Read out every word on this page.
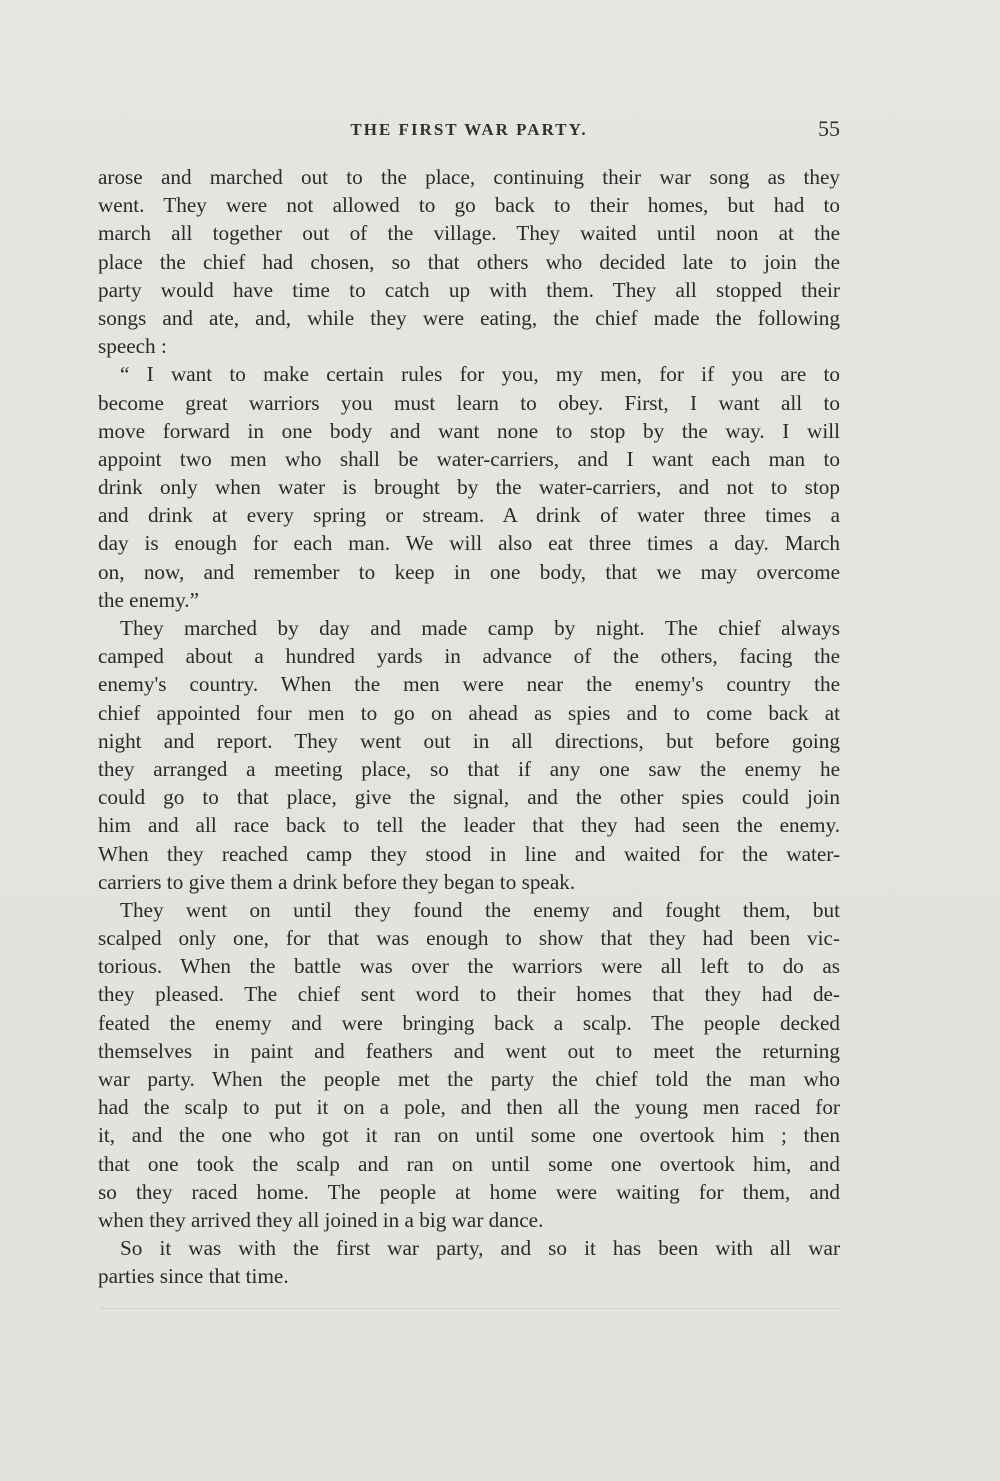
THE FIRST WAR PARTY.	55
arose and marched out to the place, continuing their war song as they
went. They were not allowed to go back to their homes, but had to
march all together out of the village. They waited until noon at the
place the chief had chosen, so that others who decided late to join the
party would have time to catch up with them. They all stopped their
songs and ate, and, while they were eating, the chief made the following
speech :
“ I want to make certain rules for you, my men, for if you are to
become great warriors you must learn to obey. First, I want all to
move forward in one body and want none to stop by the way. I will
appoint two men who shall be water-carriers, and I want each man to
drink only when water is brought by the water-carriers, and not to stop
and drink at every spring or stream. A drink of water three times a
day is enough for each man. We will also eat three times a day. March
on, now, and remember to keep in one body, that we may overcome
the enemy.”
They marched by day and made camp by night. The chief always
camped about a hundred yards in advance of the others, facing the
enemy's country. When the men were near the enemy's country the
chief appointed four men to go on ahead as spies and to come back at
night and report. They went out in all directions, but before going
they arranged a meeting place, so that if any one saw the enemy he
could go to that place, give the signal, and the other spies could join
him and all race back to tell the leader that they had seen the enemy.
When they reached camp they stood in line and waited for the water-
carriers to give them a drink before they began to speak.
They went on until they found the enemy and fought them, but
scalped only one, for that was enough to show that they had been vic-
torious. When the battle was over the warriors were all left to do as
they pleased. The chief sent word to their homes that they had de-
feated the enemy and were bringing back a scalp. The people decked
themselves in paint and feathers and went out to meet the returning
war party. When the people met the party the chief told the man who
had the scalp to put it on a pole, and then all the young men raced for
it, and the one who got it ran on until some one overtook him ; then
that one took the scalp and ran on until some one overtook him, and
so they raced home. The people at home were waiting for them, and
when they arrived they all joined in a big war dance.
So it was with the first war party, and so it has been with all war
parties since that time.
